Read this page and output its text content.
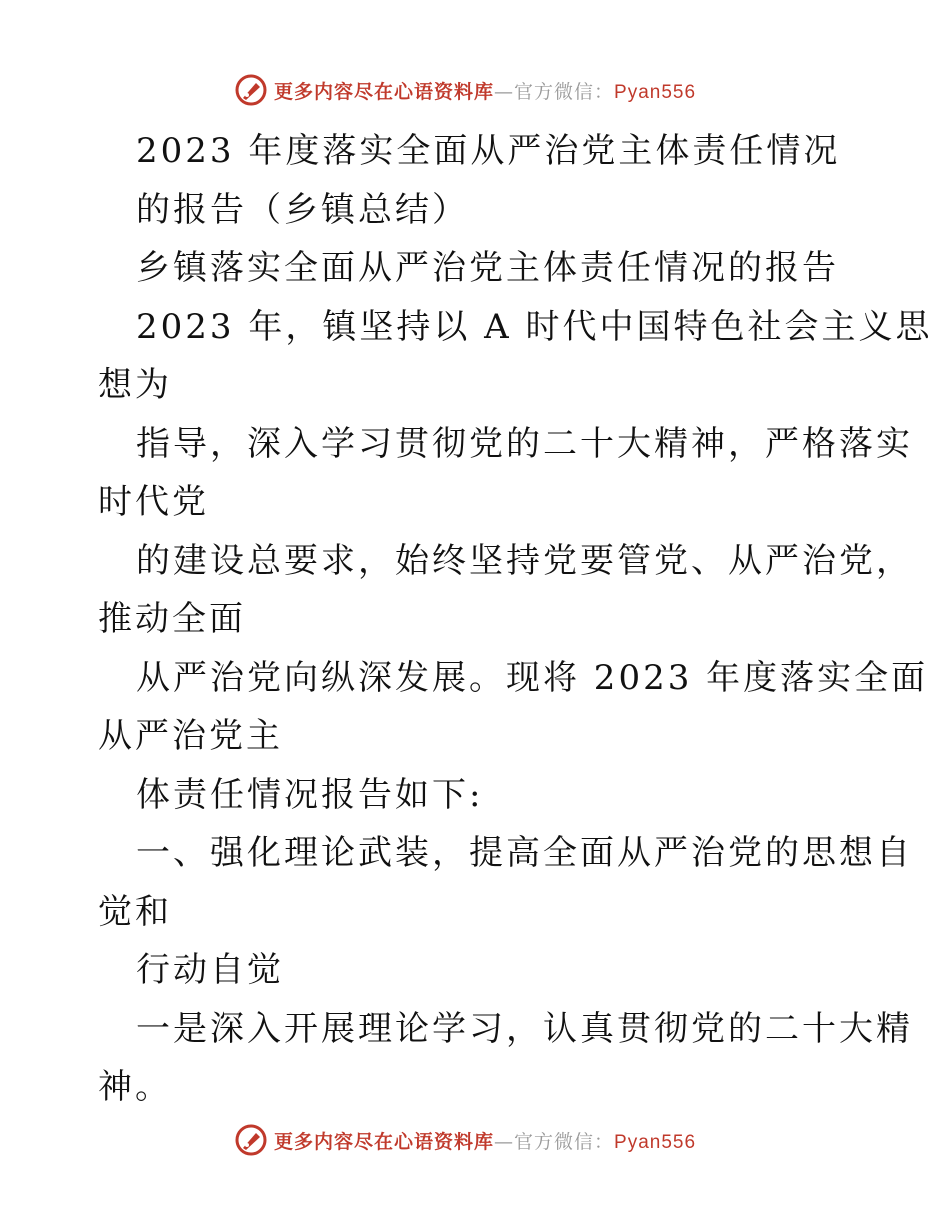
更多内容尽在心语资料库—官方微信：Pyan556
2023 年度落实全面从严治党主体责任情况
的报告（乡镇总结）
乡镇落实全面从严治党主体责任情况的报告
2023 年，镇坚持以 A 时代中国特色社会主义思
想为
指导，深入学习贯彻党的二十大精神，严格落实
时代党
的建设总要求，始终坚持党要管党、从严治党，
推动全面
从严治党向纵深发展。现将 2023 年度落实全面
从严治党主
体责任情况报告如下:
一、强化理论武装，提高全面从严治党的思想自
觉和
行动自觉
一是深入开展理论学习，认真贯彻党的二十大精
神。
更多内容尽在心语资料库—官方微信：Pyan556
